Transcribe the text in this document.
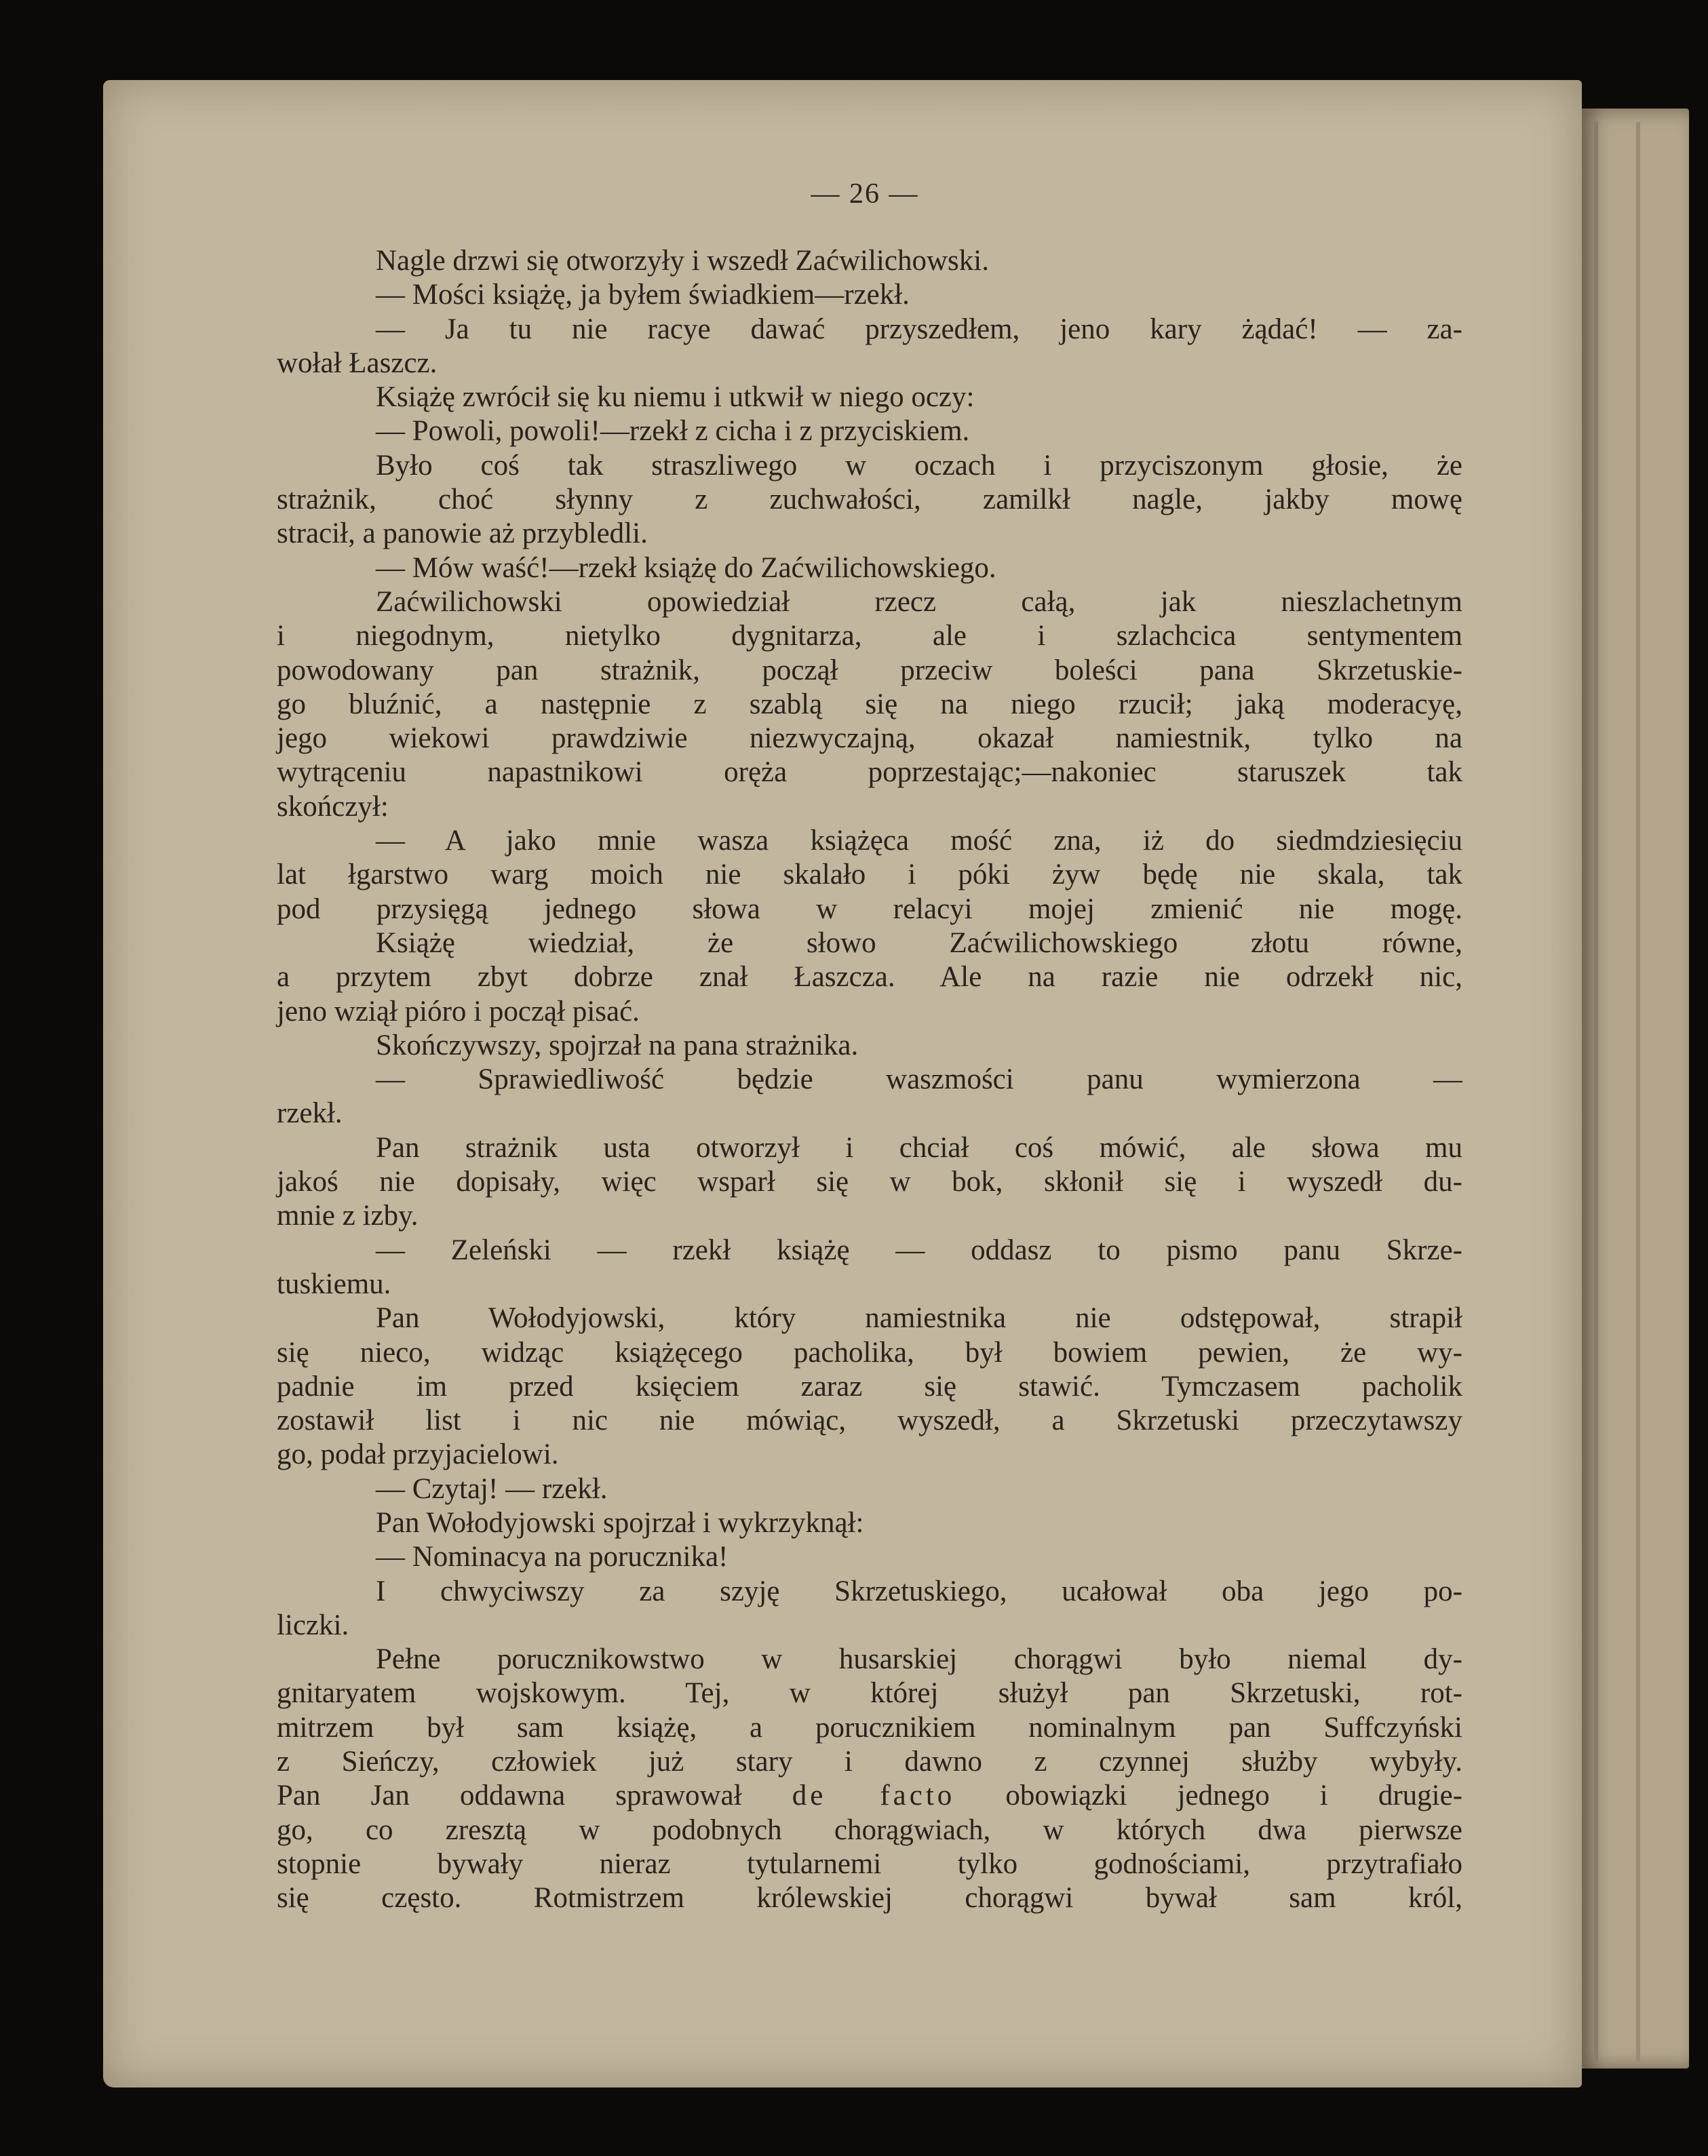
— 26 —
Nagle drzwi się otworzyły i wszedł Zaćwilichowski.
— Mości książę, ja byłem świadkiem—rzekł.
— Ja tu nie racye dawać przyszedłem, jeno kary żądać! — za-
wołał Łaszcz.
Książę zwrócił się ku niemu i utkwił w niego oczy:
— Powoli, powoli!—rzekł z cicha i z przyciskiem.
Było coś tak straszliwego w oczach i przyciszonym głosie, że
strażnik, choć słynny z zuchwałości, zamilkł nagle, jakby mowę
stracił, a panowie aż przybledli.
— Mów waść!—rzekł książę do Zaćwilichowskiego.
Zaćwilichowski opowiedział rzecz całą, jak nieszlachetnym
i niegodnym, nietylko dygnitarza, ale i szlachcica sentymentem
powodowany pan strażnik, począł przeciw boleści pana Skrzetuskie-
go bluźnić, a następnie z szablą się na niego rzucił; jaką moderacyę,
jego wiekowi prawdziwie niezwyczajną, okazał namiestnik, tylko na
wytrąceniu napastnikowi oręża poprzestając;—nakoniec staruszek tak
skończył:
— A jako mnie wasza książęca mość zna, iż do siedmdziesięciu
lat łgarstwo warg moich nie skalało i póki żyw będę nie skala, tak
pod przysięgą jednego słowa w relacyi mojej zmienić nie mogę.
Książę wiedział, że słowo Zaćwilichowskiego złotu równe,
a przytem zbyt dobrze znał Łaszcza. Ale na razie nie odrzekł nic,
jeno wziął pióro i począł pisać.
Skończywszy, spojrzał na pana strażnika.
— Sprawiedliwość będzie waszmości panu wymierzona —
rzekł.
Pan strażnik usta otworzył i chciał coś mówić, ale słowa mu
jakoś nie dopisały, więc wsparł się w bok, skłonił się i wyszedł du-
mnie z izby.
— Zeleński — rzekł książę — oddasz to pismo panu Skrze-
tuskiemu.
Pan Wołodyjowski, który namiestnika nie odstępował, strapił
się nieco, widząc książęcego pacholika, był bowiem pewien, że wy-
padnie im przed księciem zaraz się stawić. Tymczasem pacholik
zostawił list i nic nie mówiąc, wyszedł, a Skrzetuski przeczytawszy
go, podał przyjacielowi.
— Czytaj! — rzekł.
Pan Wołodyjowski spojrzał i wykrzyknął:
— Nominacya na porucznika!
I chwyciwszy za szyję Skrzetuskiego, ucałował oba jego po-
liczki.
Pełne porucznikowstwo w husarskiej chorągwi było niemal dy-
gnitaryatem wojskowym. Tej, w której służył pan Skrzetuski, rot-
mitrzem był sam książę, a porucznikiem nominalnym pan Suffczyński
z Sieńczy, człowiek już stary i dawno z czynnej służby wybyły.
Pan Jan oddawna sprawował de facto obowiązki jednego i drugie-
go, co zresztą w podobnych chorągwiach, w których dwa pierwsze
stopnie bywały nieraz tytularnemi tylko godnościami, przytrafiało
się często. Rotmistrzem królewskiej chorągwi bywał sam król,
